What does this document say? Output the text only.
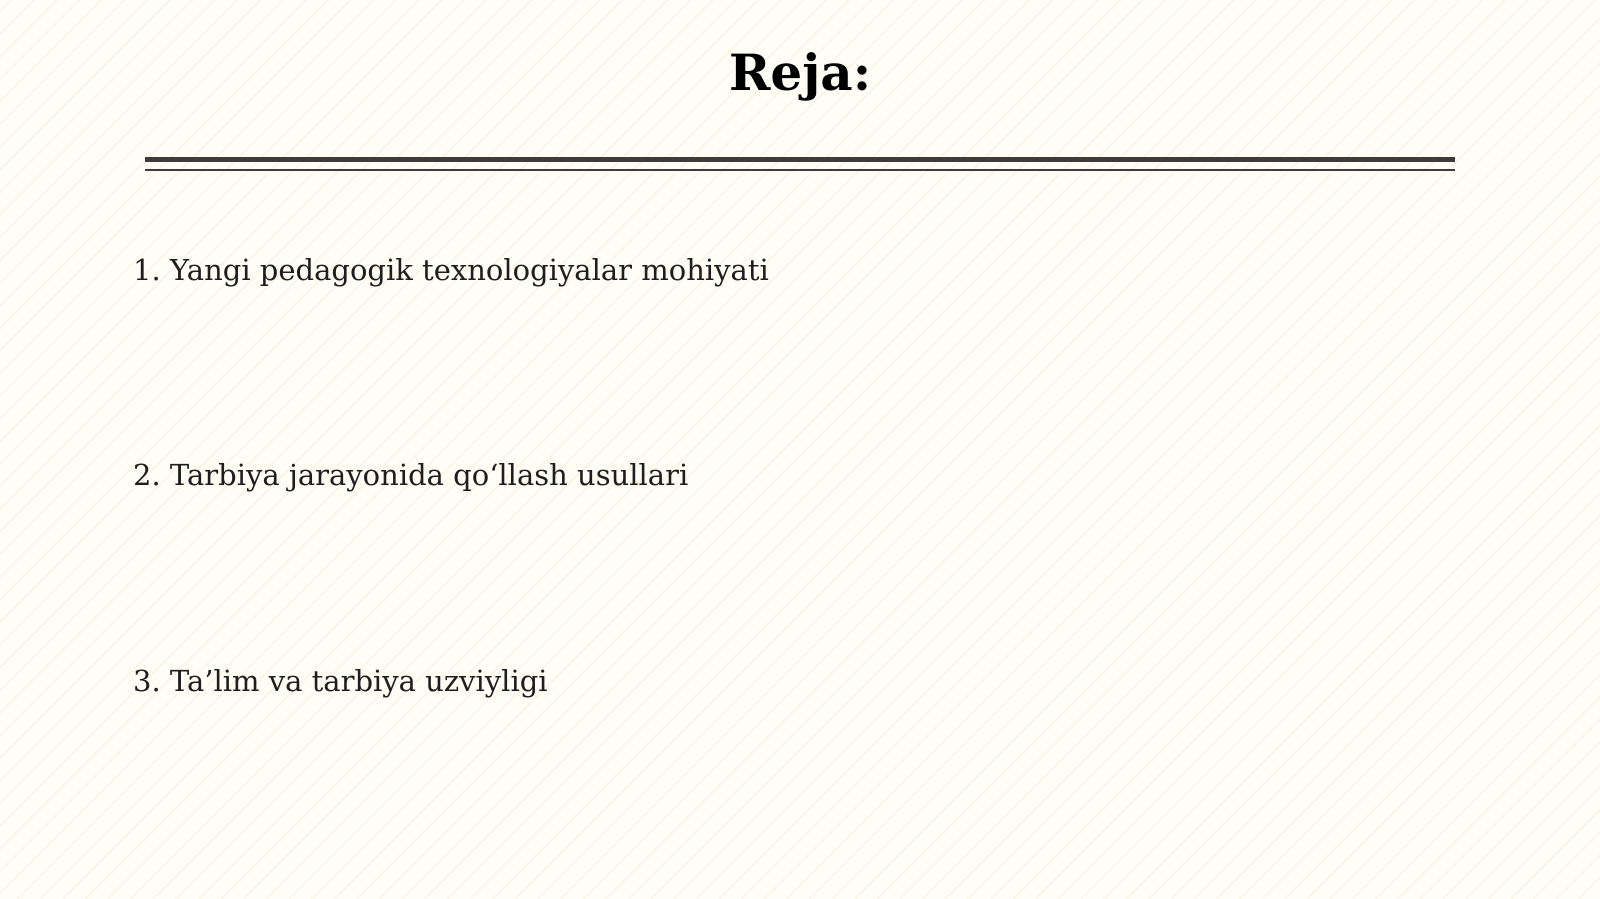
Reja:
1. Yangi pedagogik texnologiyalar mohiyati
2. Tarbiya jarayonida qo‘llash usullari
3. Ta’lim va tarbiya uzviyligi
